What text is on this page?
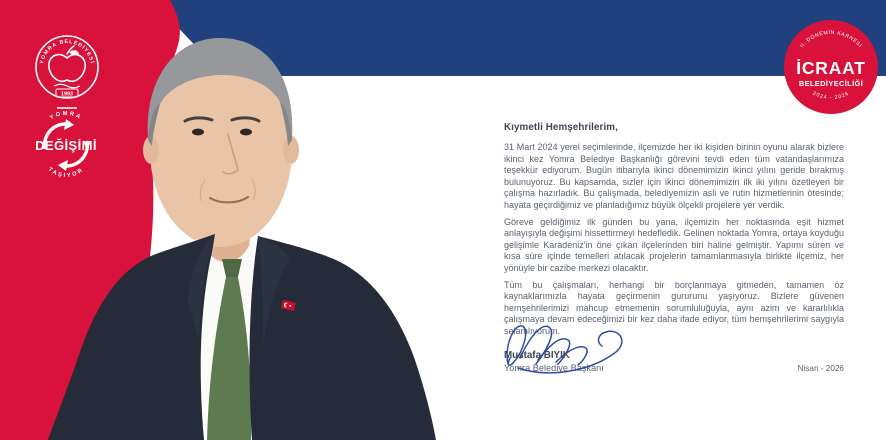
YOMRA BELEDİYESİ
1993
YOMRA
DEĞİŞİMİ
TAŞIYOR
II. DÖNEMİN KARNESİ
İCRAAT
BELEDİYECİLİĞİ
2024 - 2026
Kıymetli Hemşehrilerim,

31 Mart 2024 yerel seçimlerinde, ilçemizde her iki kişiden birinin oyunu alarak bizlere ikinci kez Yomra Belediye Başkanlığı görevini tevdi eden tüm vatandaşlarımıza teşekkür ediyorum. Bugün itibarıyla ikinci dönemimizin ikinci yılını geride bırakmış bulunuyoruz. Bu kapsamda, sizler için ikinci dönemimizin ilk iki yılını özetleyen bir çalışma hazırladık. Bu çalışmada, belediyemizin asli ve rutin hizmetlerinin ötesinde; hayata geçirdiğimiz ve planladığımız büyük ölçekli projelere yer verdik.

Göreve geldiğimiz ilk günden bu yana, ilçemizin her noktasında eşit hizmet anlayışıyla değişimi hissettirmeyi hedefledik. Gelinen noktada Yomra, ortaya koyduğu gelişimle Karadeniz'in öne çıkan ilçelerinden biri haline gelmiştir. Yapımı süren ve kısa süre içinde temelleri atılacak projelerin tamamlanmasıyla birlikte ilçemiz, her yönüyle bir cazibe merkezi olacaktır.

Tüm bu çalışmaları, herhangi bir borçlanmaya gitmeden, tamamen öz kaynaklarımızla hayata geçirmenin gururunu yaşıyoruz. Bizlere güvenen hemşehrilerimizi mahcup etmemenin sorumluluğuyla, aynı azim ve kararlılıkla çalışmaya devam edeceğimizi bir kez daha ifade ediyor, tüm hemşehrilerimi saygıyla selamlıyorum.

Mustafa BIYIK
Yomra Belediye Başkanı	Nisan - 2026
